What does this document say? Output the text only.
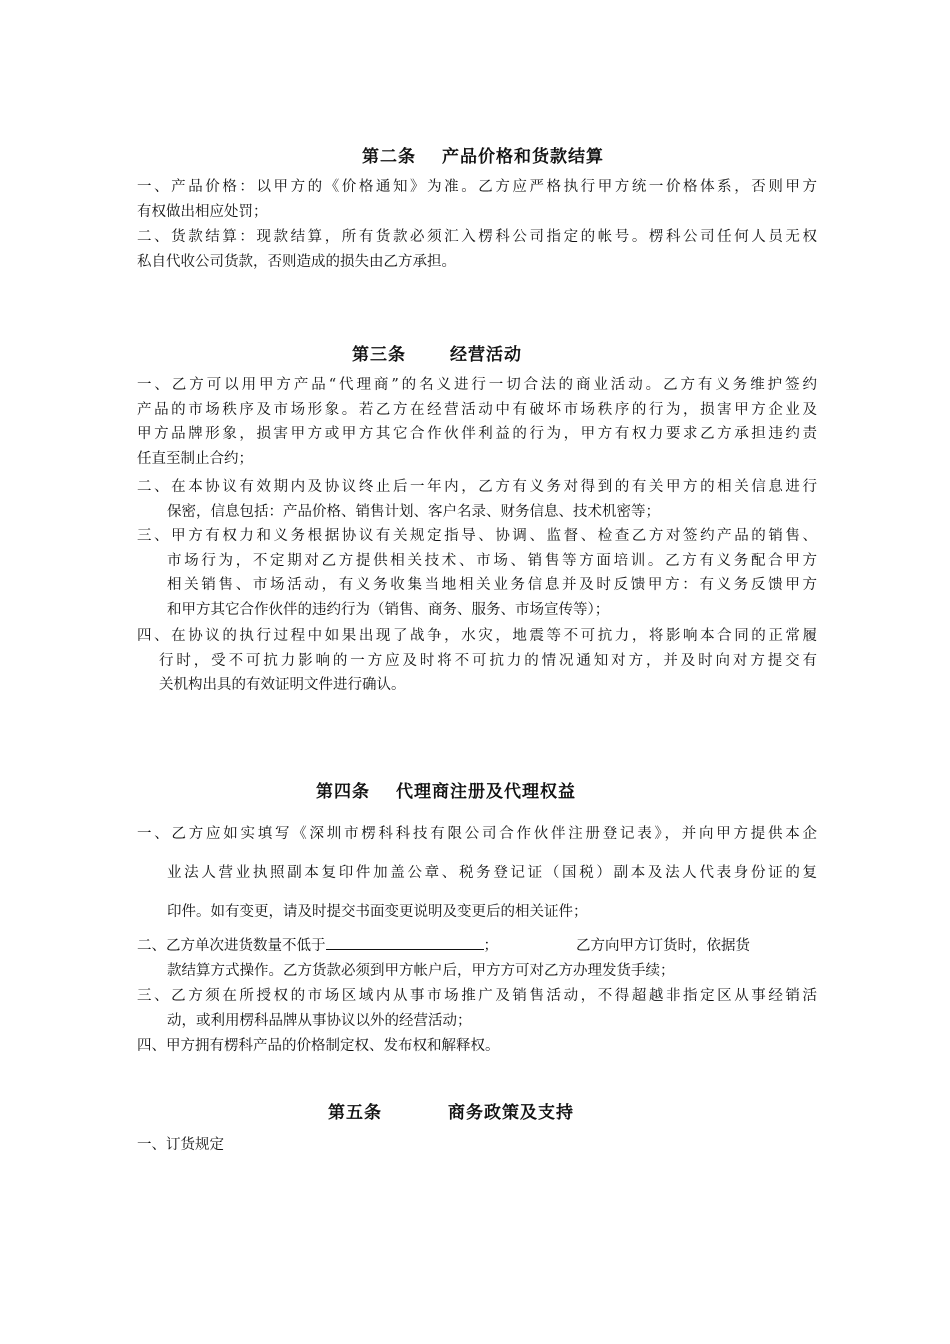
第二条 产品价格和货款结算
一、产品价格：以甲方的《价格通知》为准。乙方应严格执行甲方统一价格体系，否则甲方
有权做出相应处罚；
二、货款结算：现款结算，所有货款必须汇入楞科公司指定的帐号。楞科公司任何人员无权
私自代收公司货款，否则造成的损失由乙方承担。
第三条	经营活动
一、乙方可以用甲方产品“代理商”的名义进行一切合法的商业活动。乙方有义务维护签约
产品的市场秩序及市场形象。若乙方在经营活动中有破坏市场秩序的行为，损害甲方企业及
甲方品牌形象，损害甲方或甲方其它合作伙伴利益的行为，甲方有权力要求乙方承担违约责
任直至制止合约；
二、在本协议有效期内及协议终止后一年内，乙方有义务对得到的有关甲方的相关信息进行
保密，信息包括：产品价格、销售计划、客户名录、财务信息、技术机密等；
三、甲方有权力和义务根据协议有关规定指导、协调、监督、检查乙方对签约产品的销售、
市场行为，不定期对乙方提供相关技术、市场、销售等方面培训。乙方有义务配合甲方
相关销售、市场活动，有义务收集当地相关业务信息并及时反馈甲方：有义务反馈甲方
和甲方其它合作伙伴的违约行为（销售、商务、服务、市场宣传等）；
四、在协议的执行过程中如果出现了战争，水灾，地震等不可抗力，将影响本合同的正常履
行时，受不可抗力影响的一方应及时将不可抗力的情况通知对方，并及时向对方提交有
关机构出具的有效证明文件进行确认。
第四条 代理商注册及代理权益
一、乙方应如实填写《深圳市楞科科技有限公司合作伙伴注册登记表》，并向甲方提供本企
业法人营业执照副本复印件加盖公章、税务登记证（国税）副本及法人代表身份证的复
印件。如有变更，请及时提交书面变更说明及变更后的相关证件；
二、乙方单次进货数量不低于	；	乙方向甲方订货时，依据货
款结算方式操作。乙方货款必须到甲方帐户后，甲方方可对乙方办理发货手续；
三、乙方须在所授权的市场区域内从事市场推广及销售活动，不得超越非指定区从事经销活
动，或利用楞科品牌从事协议以外的经营活动；
四、甲方拥有楞科产品的价格制定权、发布权和解释权。
第五条	商务政策及支持
一、订货规定
